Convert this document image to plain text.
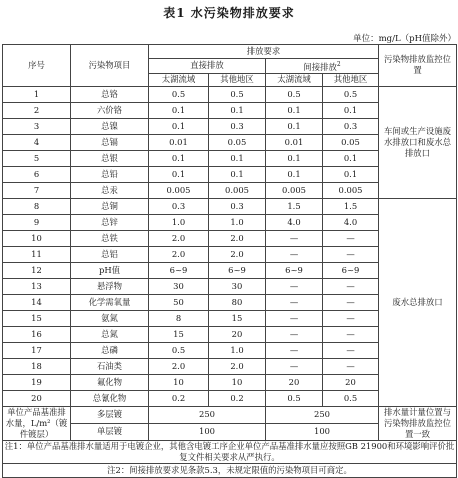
表1 水污染物排放要求
单位：mg/L（pH值除外）
序号	污染物项目	排放要求				污染物排放监控位置
		直接排放		间接排放$^2$
		太湖流域	其他地区	太湖流域	其他地区	
1	总铬	0.5	0.5	0.5	0.5	车间或生产设施废水排放口和废水总排放口
2	六价铬	0.1	0.1	0.1	0.1	
3	总镍	0.1	0.3	0.1	0.3	
4	总镉	0.01	0.05	0.01	0.05	
5	总银	0.1	0.1	0.1	0.1	
6	总铅	0.1	0.1	0.1	0.1	
7	总汞	0.005	0.005	0.005	0.005	
8	总铜	0.3	0.3	1.5	1.5	废水总排放口
9	总锌	1.0	1.0	4.0	4.0	
10	总铁	2.0	2.0	—	—	
11	总铝	2.0	2.0	—	—	
12	pH值	6~9	6~9	6~9	6~9	
13	悬浮物	30	30	—	—	
14	化学需氧量	50	80	—	—	
15	氨氮	8	15	—	—	
16	总氮	15	20	—	—	
17	总磷	0.5	1.0	—	—	
18	石油类	2.0	2.0	—	—	
19	氟化物	10	10	20	20	
20	总氰化物	0.2	0.2	0.5	0.5	
单位产品基准排水量，L/m²（镀件镀层）	多层镀	250		250		排水量计量位置与污染物排放监控位置一致
	单层镀	100		100		
注1：单位产品基准排水量适用于电镀企业，其他含电镀工序企业单位产品基准排水量应按照GB 21900和环境影响评价批复文件相关要求从严执行。						
注2：间接排放要求见条款5.3，未规定限值的污染物项目可商定。						
